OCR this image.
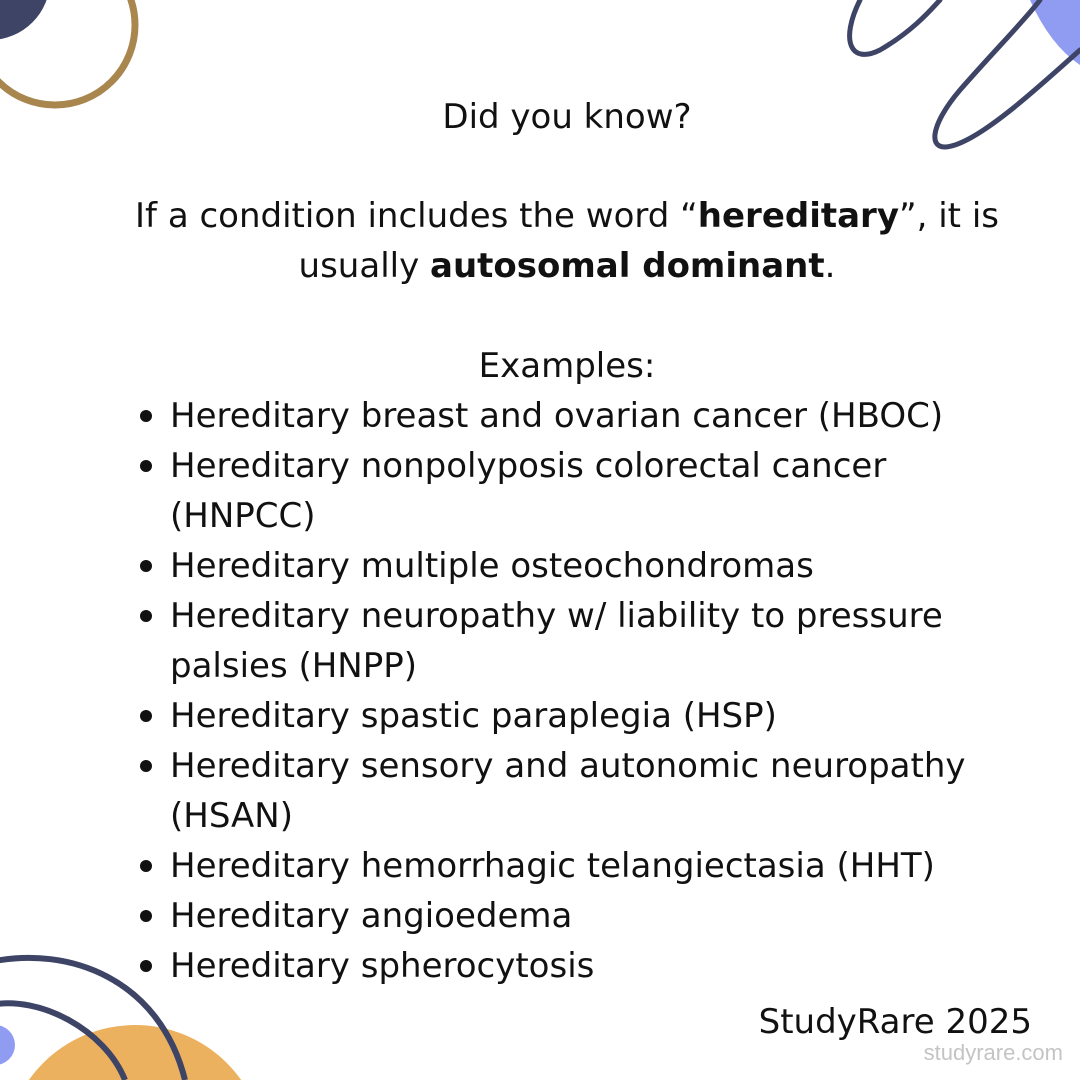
Did you know?

If a condition includes the word “hereditary”, it is usually autosomal dominant.

Examples:

Hereditary breast and ovarian cancer (HBOC)
Hereditary nonpolyposis colorectal cancer (HNPCC)
Hereditary multiple osteochondromas
Hereditary neuropathy w/ liability to pressure palsies (HNPP)
Hereditary spastic paraplegia (HSP)
Hereditary sensory and autonomic neuropathy (HSAN)
Hereditary hemorrhagic telangiectasia (HHT)
Hereditary angioedema
Hereditary spherocytosis

StudyRare 2025

studyrare.com
